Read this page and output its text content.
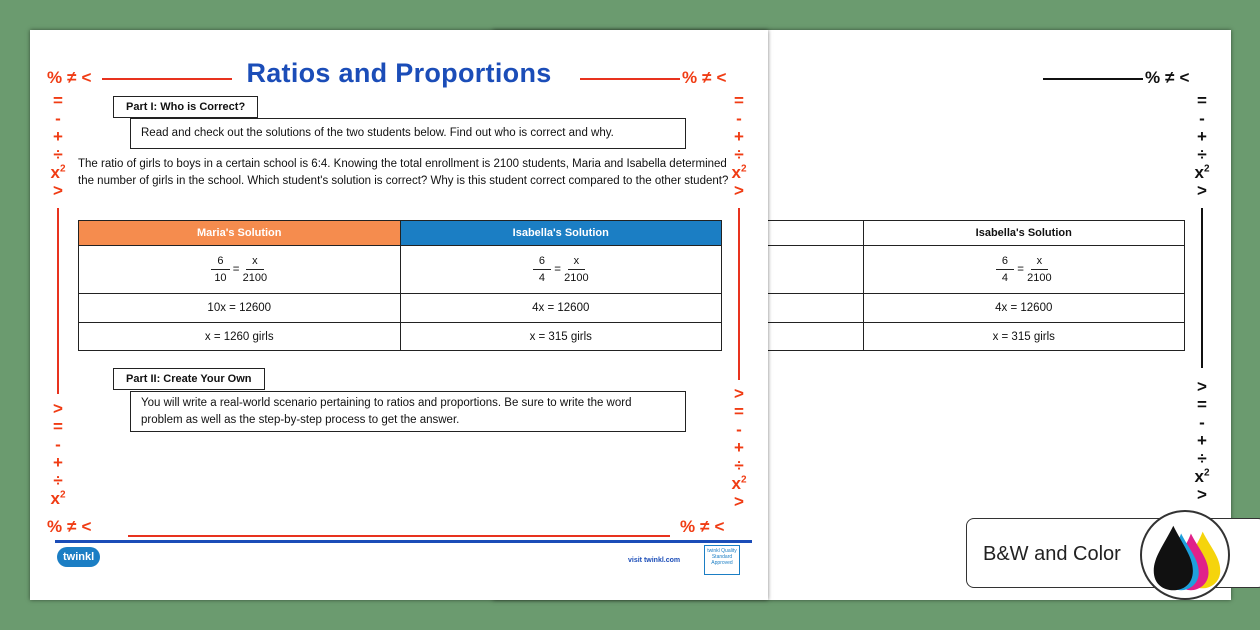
%≠<
=
-
+
÷
$x^2$
>
>
=
-
+
÷
$x^2$
>
	Isabella's Solution

$\frac{6}{4} = \frac{x}{2100}$

	4x = 12600
	x = 315 girls
Ratios and Proportions
%≠<	%≠<
=
-
+
÷
$x^2$
>
>
=
-
+
÷
$x^2$
=
-
+
÷
$x^2$
>
>
=
-
+
÷
$x^2$
>
%≠<	%≠<
Part I: Who is Correct?
Read and check out the solutions of the two students below. Find out who is correct and why.
The ratio of girls to boys in a certain school is 6:4. Knowing the total enrollment is 2100 students, Maria and Isabella determined the number of girls in the school. Which student's solution is correct? Why is this student correct compared to the other student?
Maria's Solution	Isabella's Solution

$\frac{6}{10} = \frac{x}{2100}$	$\frac{6}{4} = \frac{x}{2100}$

10x = 12600	4x = 12600
x = 1260 girls	x = 315 girls
Part II: Create Your Own
You will write a real-world scenario pertaining to ratios and proportions. Be sure to write the word problem as well as the step-by-step process to get the answer.
twinkl	visit twinkl.com
twinkl Quality Standard Approved	B&W and Color
